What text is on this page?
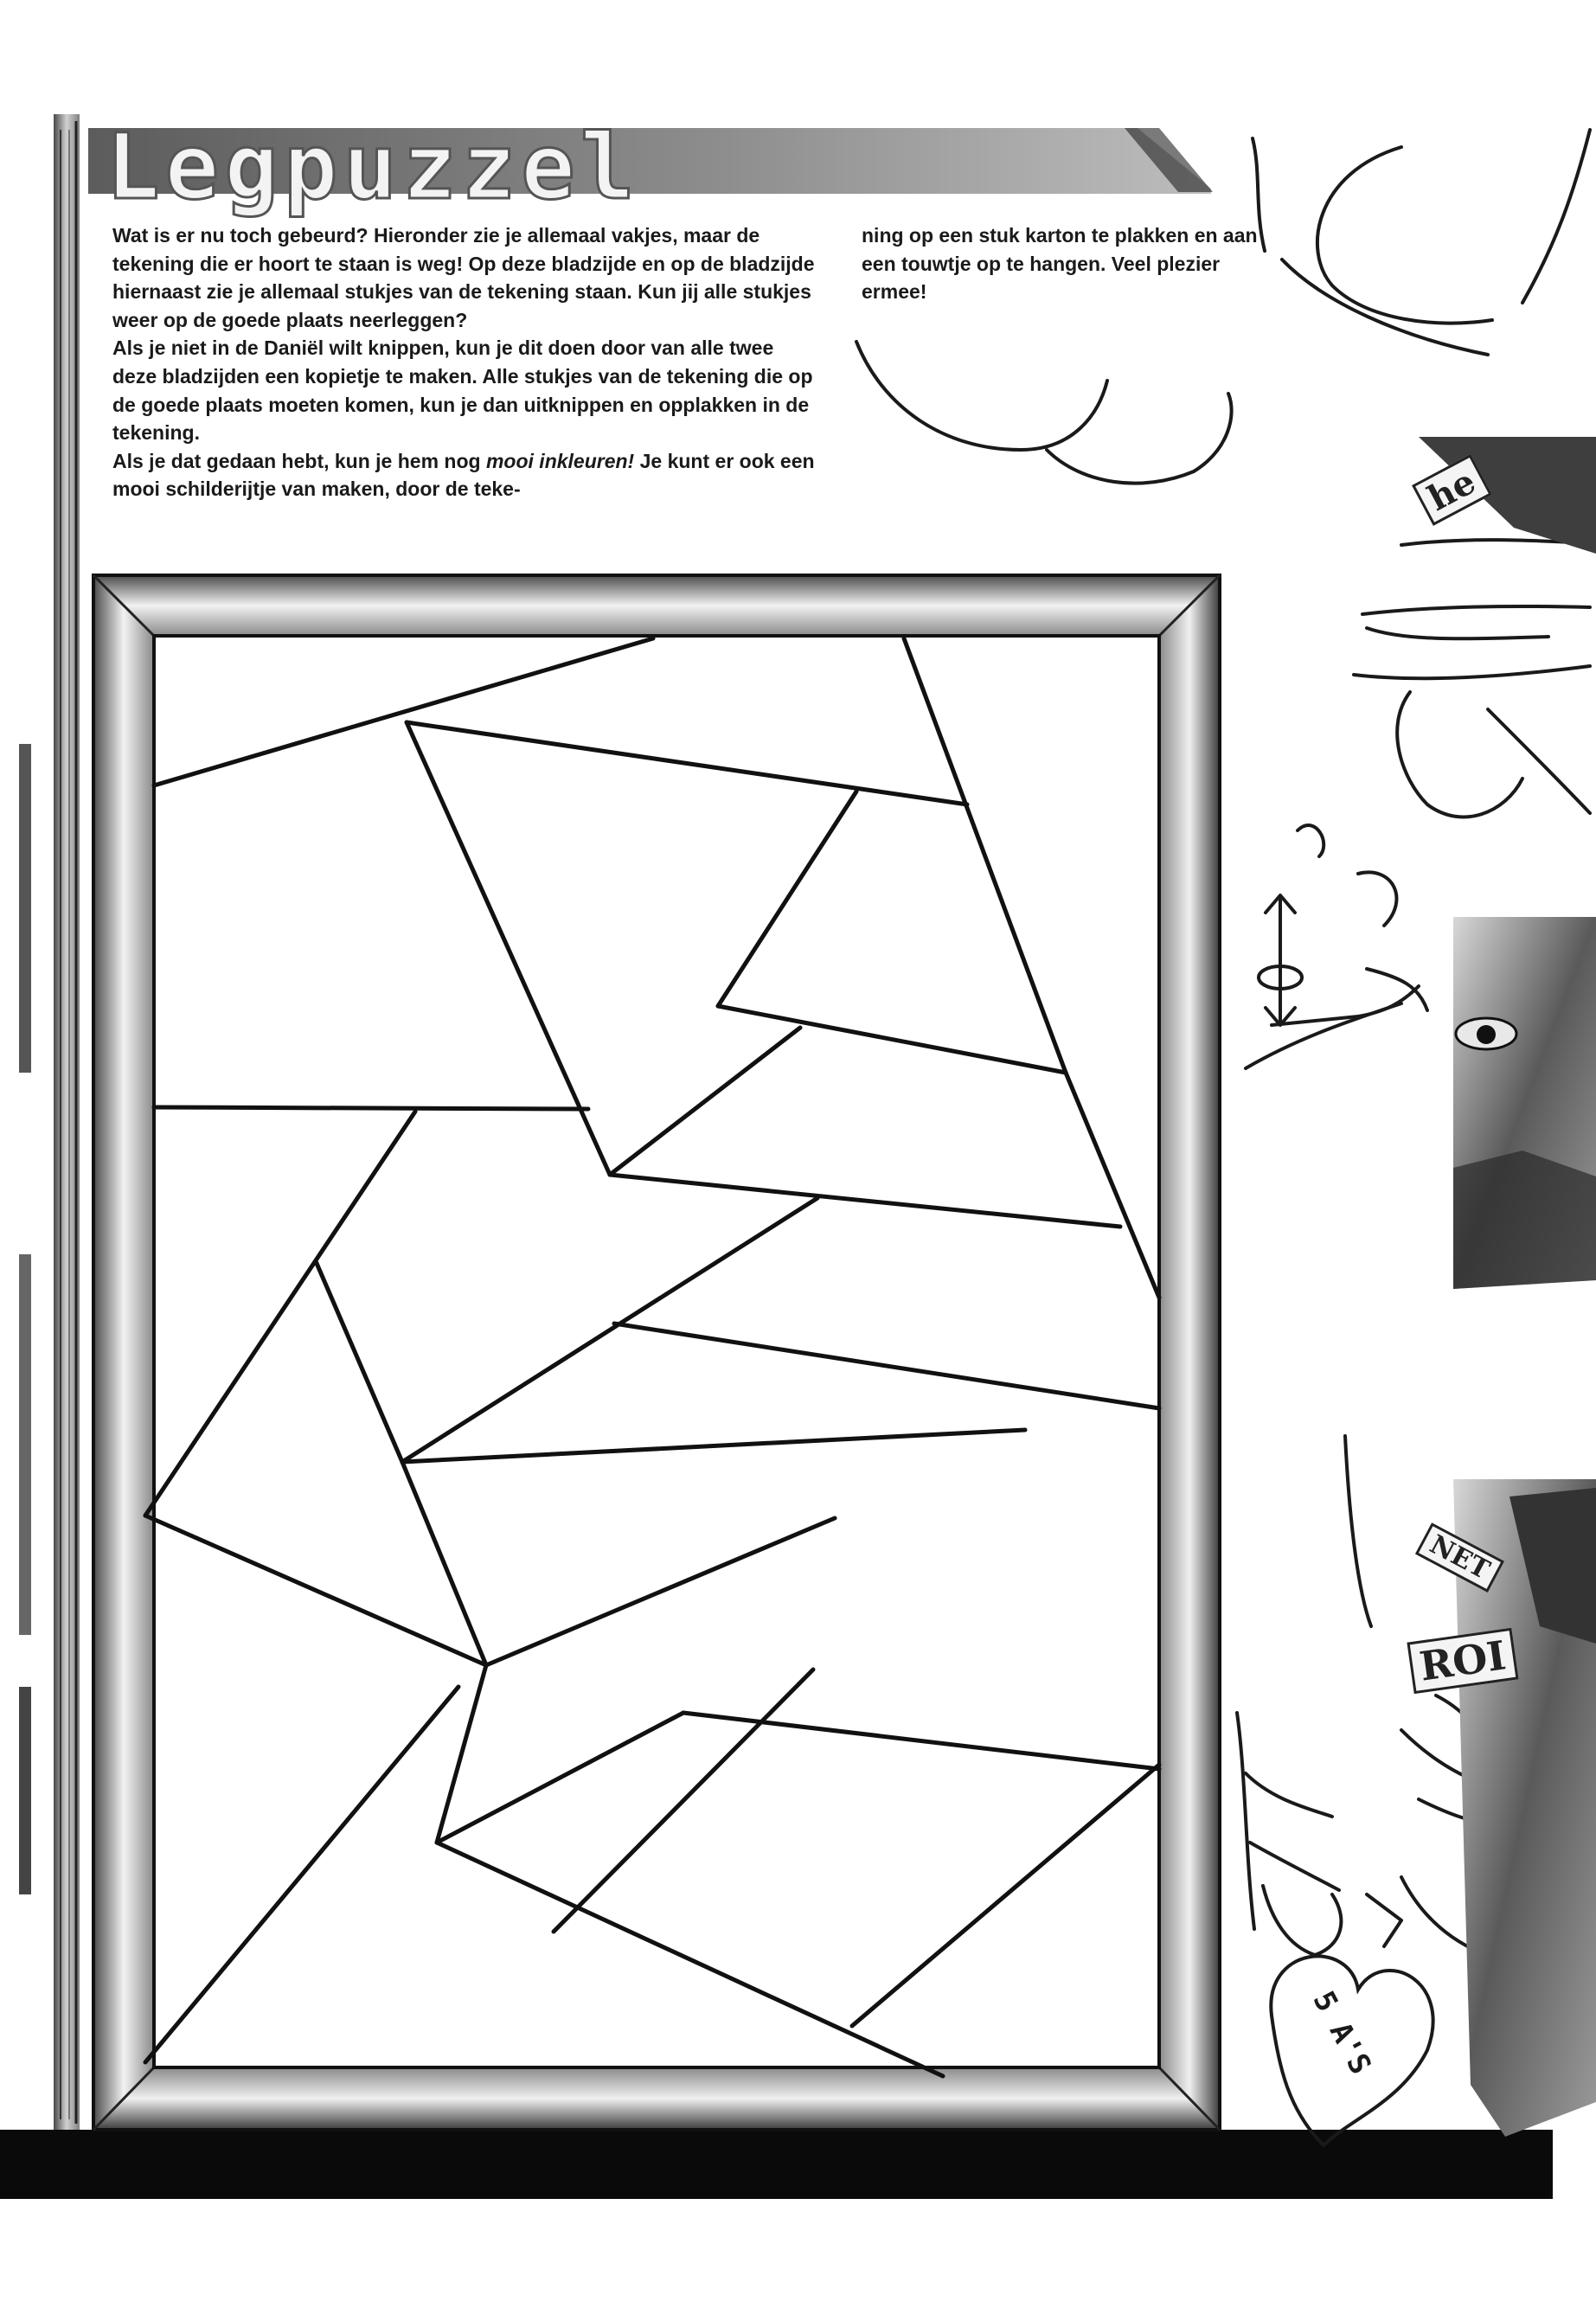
Legpuzzel

Wat is er nu toch gebeurd? Hieronder zie je allemaal vakjes, maar de tekening die er hoort te staan is weg! Op deze bladzijde en op de bladzijde hiernaast zie je allemaal stukjes van de tekening staan. Kun jij alle stukjes weer op de goede plaats neerleggen?

Als je niet in de Daniël wilt knippen, kun je dit doen door van alle twee deze bladzijden een kopietje te maken. Alle stukjes van de tekening die op de goede plaats moeten komen, kun je dan uitknippen en opplakken in de tekening.

Als je dat gedaan hebt, kun je hem nog mooi inkleuren! Je kunt er ook een mooi schilderijtje van maken, door de teke-

ning op een stuk karton te plakken en aan een touwtje op te hangen. Veel plezier ermee!

he
NET
ROI
5 A'S
